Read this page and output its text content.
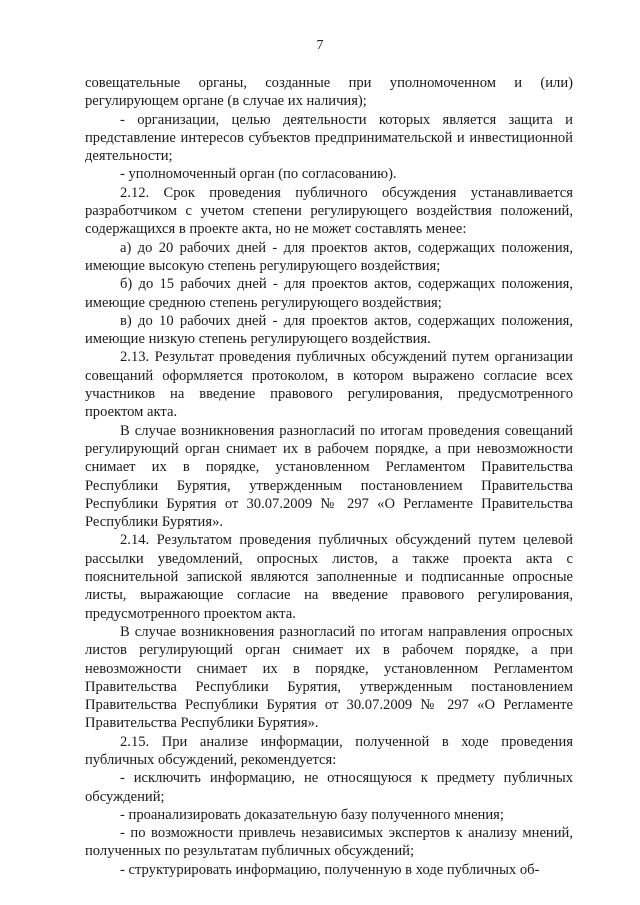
7

совещательные органы, созданные при уполномоченном и (или) регулирующем органе (в случае их наличия);

- организации, целью деятельности которых является защита и представление интересов субъектов предпринимательской и инвестиционной деятельности;

- уполномоченный орган (по согласованию).

2.12. Срок проведения публичного обсуждения устанавливается разработчиком с учетом степени регулирующего воздействия положений, содержащихся в проекте акта, но не может составлять менее:

а) до 20 рабочих дней - для проектов актов, содержащих положения, имеющие высокую степень регулирующего воздействия;

б) до 15 рабочих дней - для проектов актов, содержащих положения, имеющие среднюю степень регулирующего воздействия;

в) до 10 рабочих дней - для проектов актов, содержащих положения, имеющие низкую степень регулирующего воздействия.

2.13. Результат проведения публичных обсуждений путем организации совещаний оформляется протоколом, в котором выражено согласие всех участников на введение правового регулирования, предусмотренного проектом акта.

В случае возникновения разногласий по итогам проведения совещаний регулирующий орган снимает их в рабочем порядке, а при невозможности снимает их в порядке, установленном Регламентом Правительства Республики Бурятия, утвержденным постановлением Правительства Республики Бурятия от 30.07.2009 № 297 «О Регламенте Правительства Республики Бурятия».

2.14. Результатом проведения публичных обсуждений путем целевой рассылки уведомлений, опросных листов, а также проекта акта с пояснительной запиской являются заполненные и подписанные опросные листы, выражающие согласие на введение правового регулирования, предусмотренного проектом акта.

В случае возникновения разногласий по итогам направления опросных листов регулирующий орган снимает их в рабочем порядке, а при невозможности снимает их в порядке, установленном Регламентом Правительства Республики Бурятия, утвержденным постановлением Правительства Республики Бурятия от 30.07.2009 № 297 «О Регламенте Правительства Республики Бурятия».

2.15. При анализе информации, полученной в ходе проведения публичных обсуждений, рекомендуется:

- исключить информацию, не относящуюся к предмету публичных обсуждений;

- проанализировать доказательную базу полученного мнения;

- по возможности привлечь независимых экспертов к анализу мнений, полученных по результатам публичных обсуждений;

- структурировать информацию, полученную в ходе публичных об-
